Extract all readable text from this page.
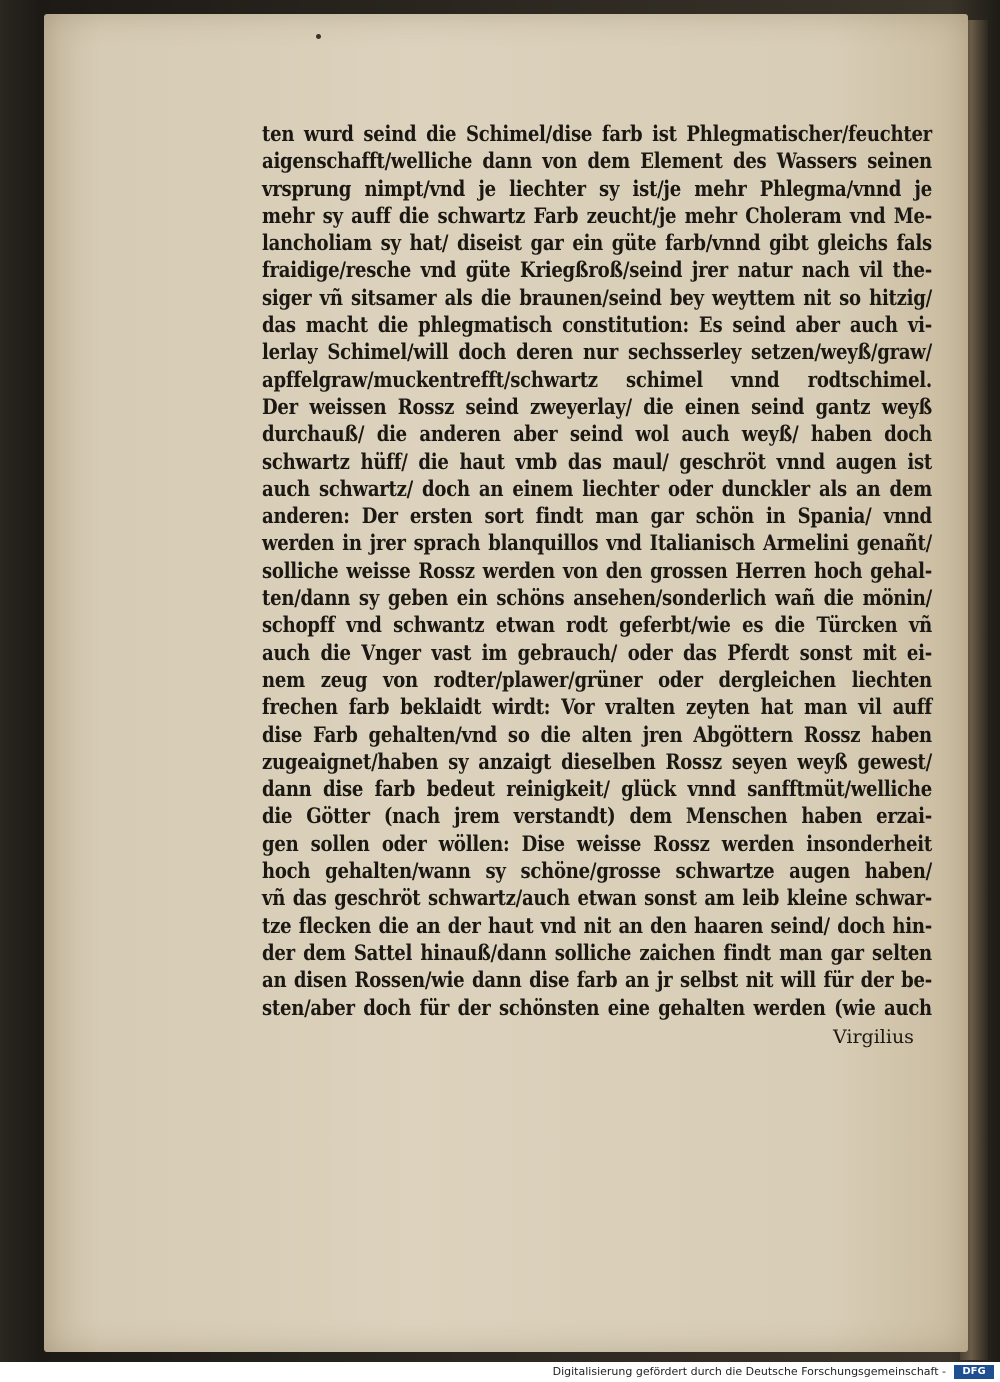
ten wurd seind die Schimel/dise farb ist Phlegmatischer/feuchter
aigenschafft/welliche dann von dem Element des Wassers seinen
vrsprung nimpt/vnd je liechter sy ist/je mehr Phlegma/vnnd je
mehr sy auff die schwartz Farb zeucht/je mehr Choleram vnd Me-
lancholiam sy hat/ diseist gar ein güte farb/vnnd gibt gleichs fals
fraidige/resche vnd güte Kriegßroß/seind jrer natur nach vil the-
siger vñ sitsamer als die braunen/seind bey weyttem nit so hitzig/
das macht die phlegmatisch constitution: Es seind aber auch vi-
lerlay Schimel/will doch deren nur sechsserley setzen/weyß/graw/
apffelgraw/muckentrefft/schwartz schimel vnnd rodtschimel.
Der weissen Rossz seind zweyerlay/ die einen seind gantz weyß
durchauß/ die anderen aber seind wol auch weyß/ haben doch
schwartz hüff/ die haut vmb das maul/ geschröt vnnd augen ist
auch schwartz/ doch an einem liechter oder dunckler als an dem
anderen: Der ersten sort findt man gar schön in Spania/ vnnd
werden in jrer sprach blanquillos vnd Italianisch Armelini genañt/
solliche weisse Rossz werden von den grossen Herren hoch gehal-
ten/dann sy geben ein schöns ansehen/sonderlich wañ die mönin/
schopff vnd schwantz etwan rodt geferbt/wie es die Türcken vñ
auch die Vnger vast im gebrauch/ oder das Pferdt sonst mit ei-
nem zeug von rodter/plawer/grüner oder dergleichen liechten
frechen farb beklaidt wirdt: Vor vralten zeyten hat man vil auff
dise Farb gehalten/vnd so die alten jren Abgöttern Rossz haben
zugeaignet/haben sy anzaigt dieselben Rossz seyen weyß gewest/
dann dise farb bedeut reinigkeit/ glück vnnd sanfftmüt/welliche
die Götter (nach jrem verstandt) dem Menschen haben erzai-
gen sollen oder wöllen: Dise weisse Rossz werden insonderheit
hoch gehalten/wann sy schöne/grosse schwartze augen haben/
vñ das geschröt schwartz/auch etwan sonst am leib kleine schwar-
tze flecken die an der haut vnd nit an den haaren seind/ doch hin-
der dem Sattel hinauß/dann solliche zaichen findt man gar selten
an disen Rossen/wie dann dise farb an jr selbst nit will für der be-
sten/aber doch für der schönsten eine gehalten werden (wie auch
Virgilius
Digitalisierung gefördert durch die Deutsche Forschungsgemeinschaft -	DFG
